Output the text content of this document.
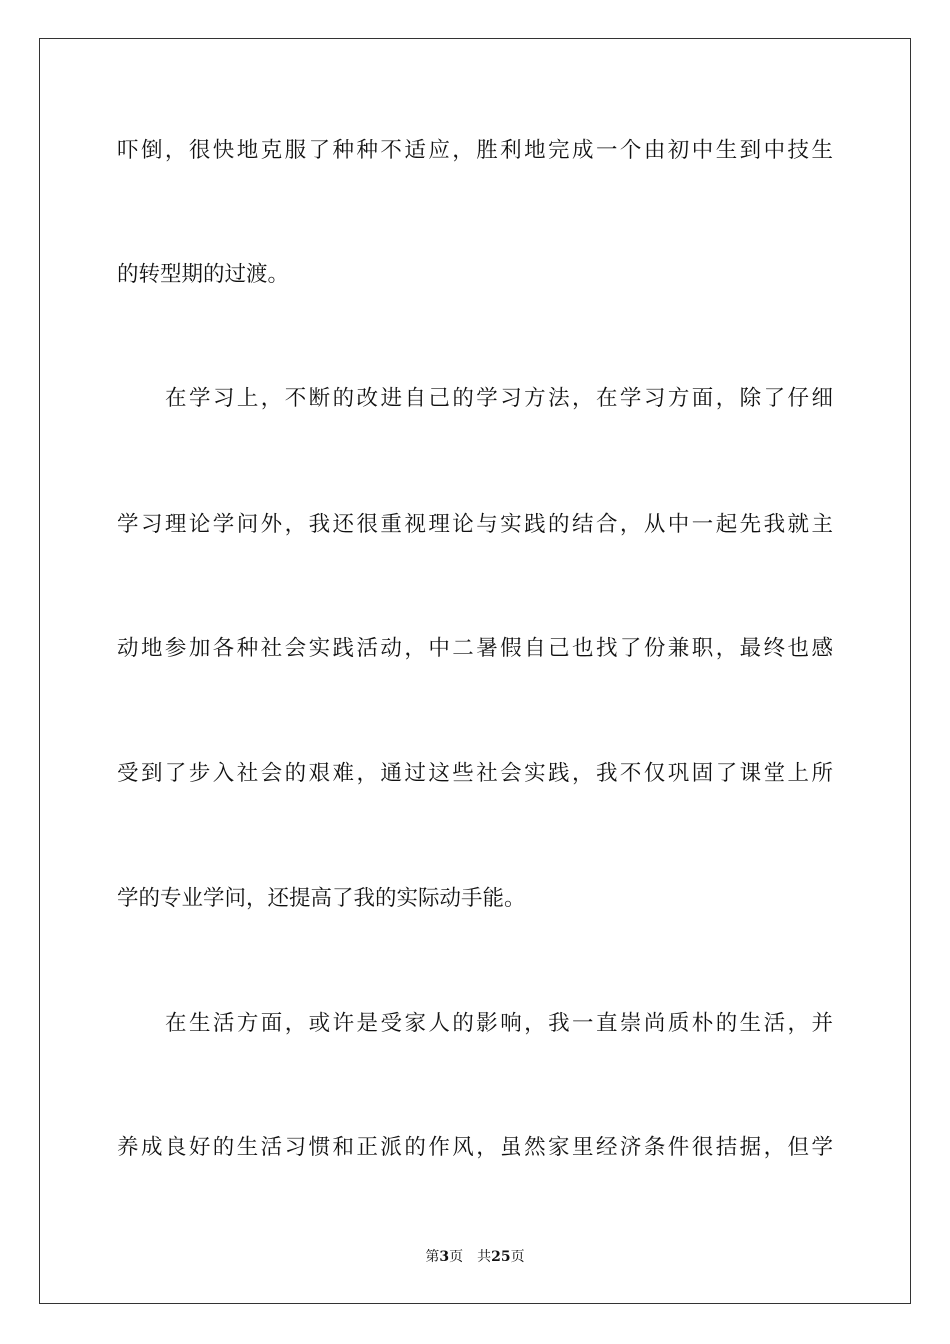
吓倒，很快地克服了种种不适应，胜利地完成一个由初中生到中技生
的转型期的过渡。
在学习上，不断的改进自己的学习方法，在学习方面，除了仔细
学习理论学问外，我还很重视理论与实践的结合，从中一起先我就主
动地参加各种社会实践活动，中二暑假自己也找了份兼职，最终也感
受到了步入社会的艰难，通过这些社会实践，我不仅巩固了课堂上所
学的专业学问，还提高了我的实际动手能。
在生活方面，或许是受家人的影响，我一直崇尚质朴的生活，并
养成良好的生活习惯和正派的作风，虽然家里经济条件很拮据，但学
第3页 共25页
